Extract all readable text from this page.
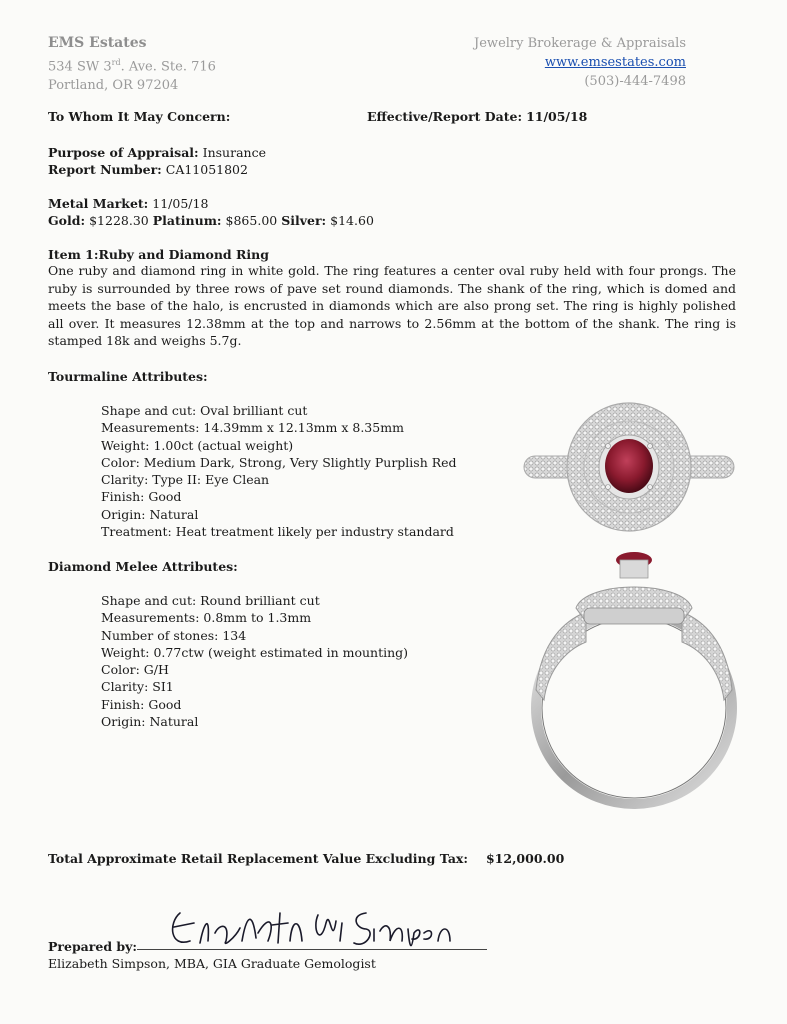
EMS Estates
534 SW 3rd. Ave. Ste. 716
Portland, OR 97204
Jewelry Brokerage & Appraisals
www.emsestates.com
(503)-444-7498
To Whom It May Concern:	Effective/Report Date: 11/05/18
Purpose of Appraisal: Insurance
Report Number: CA11051802
Metal Market: 11/05/18
Gold: $1228.30 Platinum: $865.00 Silver: $14.60
Item 1:Ruby and Diamond Ring
One ruby and diamond ring in white gold. The ring features a center oval ruby held with four prongs. The ruby is surrounded by three rows of pave set round diamonds. The shank of the ring, which is domed and meets the base of the halo, is encrusted in diamonds which are also prong set. The ring is highly polished all over. It measures 12.38mm at the top and narrows to 2.56mm at the bottom of the shank. The ring is stamped 18k and weighs 5.7g.
Tourmaline Attributes:
Shape and cut: Oval brilliant cut
Measurements: 14.39mm x 12.13mm x 8.35mm
Weight: 1.00ct (actual weight)
Color: Medium Dark, Strong, Very Slightly Purplish Red
Clarity: Type II: Eye Clean
Finish: Good
Origin: Natural
Treatment: Heat treatment likely per industry standard
Diamond Melee Attributes:
Shape and cut: Round brilliant cut
Measurements: 0.8mm to 1.3mm
Number of stones: 134
Weight: 0.77ctw (weight estimated in mounting)
Color: G/H
Clarity: SI1
Finish: Good
Origin: Natural
Total Approximate Retail Replacement Value Excluding Tax: $12,000.00
Prepared by:
Elizabeth Simpson, MBA, GIA Graduate Gemologist
